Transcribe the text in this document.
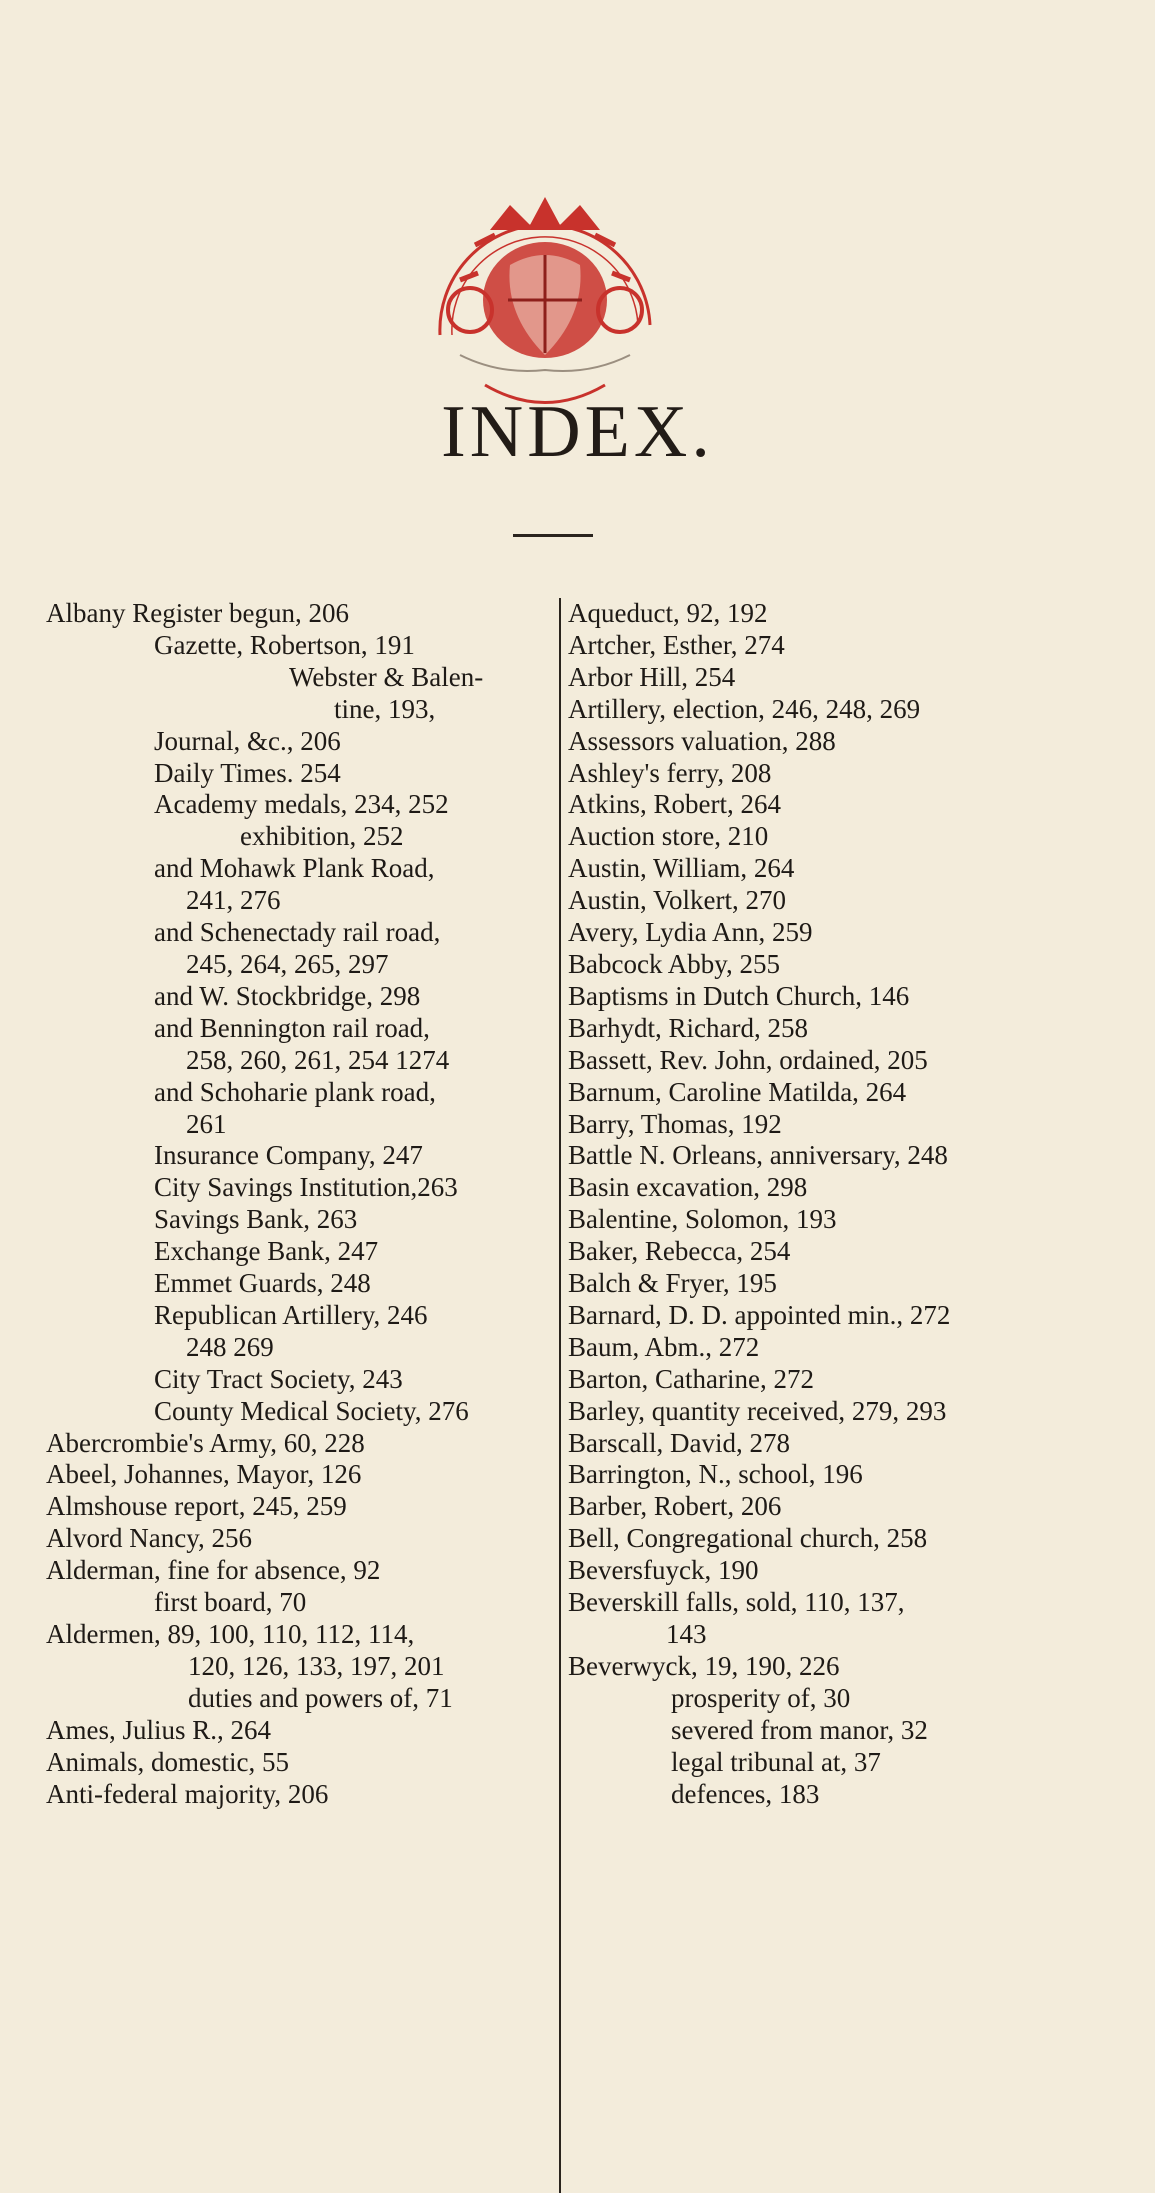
INDEX.
Albany Register begun, 206
Gazette, Robertson, 191
Webster & Balen-
tine, 193,
Journal, &c., 206
Daily Times. 254
Academy medals, 234, 252
exhibition, 252
and Mohawk Plank Road,
241, 276
and Schenectady rail road,
245, 264, 265, 297
and W. Stockbridge, 298
and Bennington rail road,
258, 260, 261, 254 1274
and Schoharie plank road,
261
Insurance Company, 247
City Savings Institution,263
Savings Bank, 263
Exchange Bank, 247
Emmet Guards, 248
Republican Artillery, 246
248 269
City Tract Society, 243
County Medical Society, 276
Abercrombie's Army, 60, 228
Abeel, Johannes, Mayor, 126
Almshouse report, 245, 259
Alvord Nancy, 256
Alderman, fine for absence, 92
first board, 70
Aldermen, 89, 100, 110, 112, 114,
120, 126, 133, 197, 201
duties and powers of, 71
Ames, Julius R., 264
Animals, domestic, 55
Anti-federal majority, 206
Aqueduct, 92, 192
Artcher, Esther, 274
Arbor Hill, 254
Artillery, election, 246, 248, 269
Assessors valuation, 288
Ashley's ferry, 208
Atkins, Robert, 264
Auction store, 210
Austin, William, 264
Austin, Volkert, 270
Avery, Lydia Ann, 259
Babcock Abby, 255
Baptisms in Dutch Church, 146
Barhydt, Richard, 258
Bassett, Rev. John, ordained, 205
Barnum, Caroline Matilda, 264
Barry, Thomas, 192
Battle N. Orleans, anniversary, 248
Basin excavation, 298
Balentine, Solomon, 193
Baker, Rebecca, 254
Balch & Fryer, 195
Barnard, D. D. appointed min., 272
Baum, Abm., 272
Barton, Catharine, 272
Barley, quantity received, 279, 293
Barscall, David, 278
Barrington, N., school, 196
Barber, Robert, 206
Bell, Congregational church, 258
Beversfuyck, 190
Beverskill falls, sold, 110, 137,
143
Beverwyck, 19, 190, 226
prosperity of, 30
severed from manor, 32
legal tribunal at, 37
defences, 183
